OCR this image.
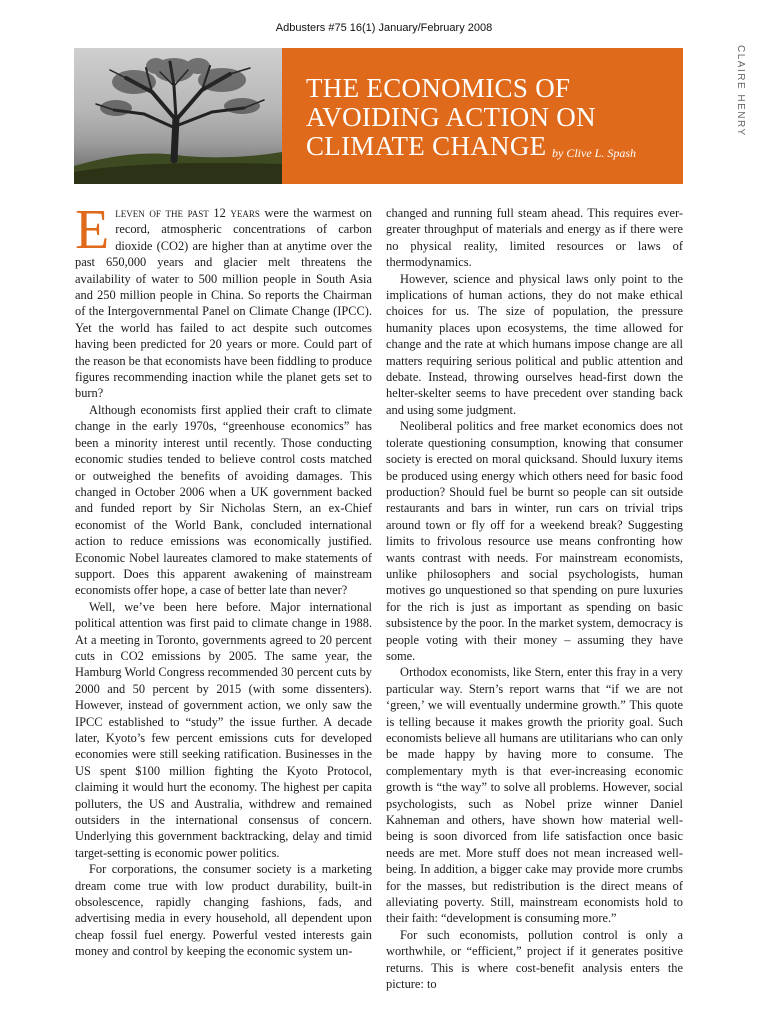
Adbusters #75 16(1) January/February 2008
CLAIRE HENRY
THE ECONOMICS OF AVOIDING ACTION ON CLIMATE CHANGE by Clive L. Spash

Eleven of the past 12 years were the warmest on record, atmospheric concentrations of carbon dioxide (CO2) are higher than at anytime over the past 650,000 years and glacier melt threatens the availability of water to 500 million people in South Asia and 250 million people in China. So reports the Chairman of the Intergovernmental Panel on Climate Change (IPCC). Yet the world has failed to act despite such outcomes having been predicted for 20 years or more. Could part of the reason be that economists have been fiddling to produce figures recommending inaction while the planet gets set to burn?

Although economists first applied their craft to climate change in the early 1970s, “greenhouse economics” has been a minority interest until recently. Those conducting economic studies tended to believe control costs matched or outweighed the benefits of avoiding damages. This changed in October 2006 when a UK government backed and funded report by Sir Nicholas Stern, an ex-Chief economist of the World Bank, concluded international action to reduce emissions was economically justified. Economic Nobel laureates clamored to make statements of support. Does this apparent awakening of mainstream economists offer hope, a case of better late than never?

Well, we’ve been here before. Major international political attention was first paid to climate change in 1988. At a meeting in Toronto, governments agreed to 20 percent cuts in CO2 emissions by 2005. The same year, the Hamburg World Congress recommended 30 percent cuts by 2000 and 50 percent by 2015 (with some dissenters). However, instead of government action, we only saw the IPCC established to “study” the issue further. A decade later, Kyoto’s few percent emissions cuts for developed economies were still seeking ratification. Businesses in the US spent $100 million fighting the Kyoto Protocol, claiming it would hurt the economy. The highest per capita polluters, the US and Australia, withdrew and remained outsiders in the international consensus of concern. Underlying this government backtracking, delay and timid target-setting is economic power politics.

For corporations, the consumer society is a marketing dream come true with low product durability, built-in obsolescence, rapidly changing fashions, fads, and advertising media in every household, all dependent upon cheap fossil fuel energy. Powerful vested interests gain money and control by keeping the economic system un-

changed and running full steam ahead. This requires ever-greater throughput of materials and energy as if there were no physical reality, limited resources or laws of thermodynamics.

However, science and physical laws only point to the implications of human actions, they do not make ethical choices for us. The size of population, the pressure humanity places upon ecosystems, the time allowed for change and the rate at which humans impose change are all matters requiring serious political and public attention and debate. Instead, throwing ourselves head-first down the helter-skelter seems to have precedent over standing back and using some judgment.

Neoliberal politics and free market economics does not tolerate questioning consumption, knowing that consumer society is erected on moral quicksand. Should luxury items be produced using energy which others need for basic food production? Should fuel be burnt so people can sit outside restaurants and bars in winter, run cars on trivial trips around town or fly off for a weekend break? Suggesting limits to frivolous resource use means confronting how wants contrast with needs. For mainstream economists, unlike philosophers and social psychologists, human motives go unquestioned so that spending on pure luxuries for the rich is just as important as spending on basic subsistence by the poor. In the market system, democracy is people voting with their money – assuming they have some.

Orthodox economists, like Stern, enter this fray in a very particular way. Stern’s report warns that “if we are not ‘green,’ we will eventually undermine growth.” This quote is telling because it makes growth the priority goal. Such economists believe all humans are utilitarians who can only be made happy by having more to consume. The complementary myth is that ever-increasing economic growth is “the way” to solve all problems. However, social psychologists, such as Nobel prize winner Daniel Kahneman and others, have shown how material well-being is soon divorced from life satisfaction once basic needs are met. More stuff does not mean increased well-being. In addition, a bigger cake may provide more crumbs for the masses, but redistribution is the direct means of alleviating poverty. Still, mainstream economists hold to their faith: “development is consuming more.”

For such economists, pollution control is only a worthwhile, or “efficient,” project if it generates positive returns. This is where cost-benefit analysis enters the picture: to
